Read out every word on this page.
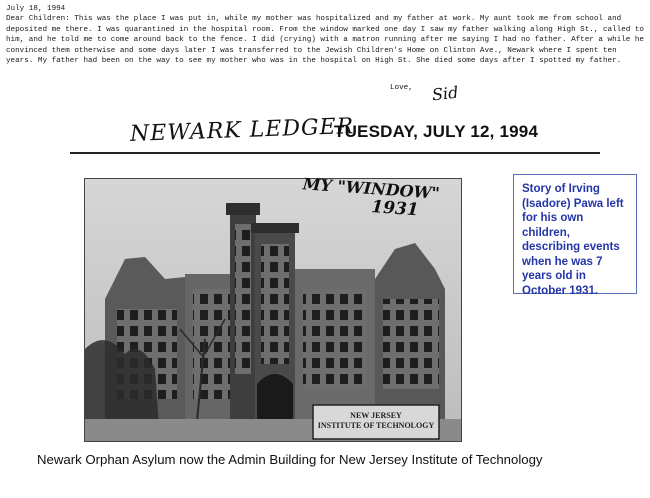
July 18, 1994
Dear Children: This was the place I was put in, while my mother was hospitalized and my father at work. My aunt took me from school and deposited me there. I was quarantined in the hospital room. From the window marked one day I saw my father walking along High St., called to him, and he told me to come around back to the fence. I did (crying) with a matron running after me saying I had no father. After a while he convinced them otherwise and some days later I was transferred to the Jewish Children's Home on Clinton Ave., Newark where I spent ten years. My father had been on the way to see my mother who was in the hospital on High St. She died some days after I spotted my father.
Love, Sid
NEWARK LEDGER
TUESDAY, JULY 12, 1994
NEW JERSEY
INSTITUTE OF TECHNOLOGY
MY "WINDOW"
1931
Story of Irving (Isadore) Pawa left for his own children, describing events when he was 7 years old in October 1931.
Newark Orphan Asylum now the Admin Building for New Jersey Institute of Technology
